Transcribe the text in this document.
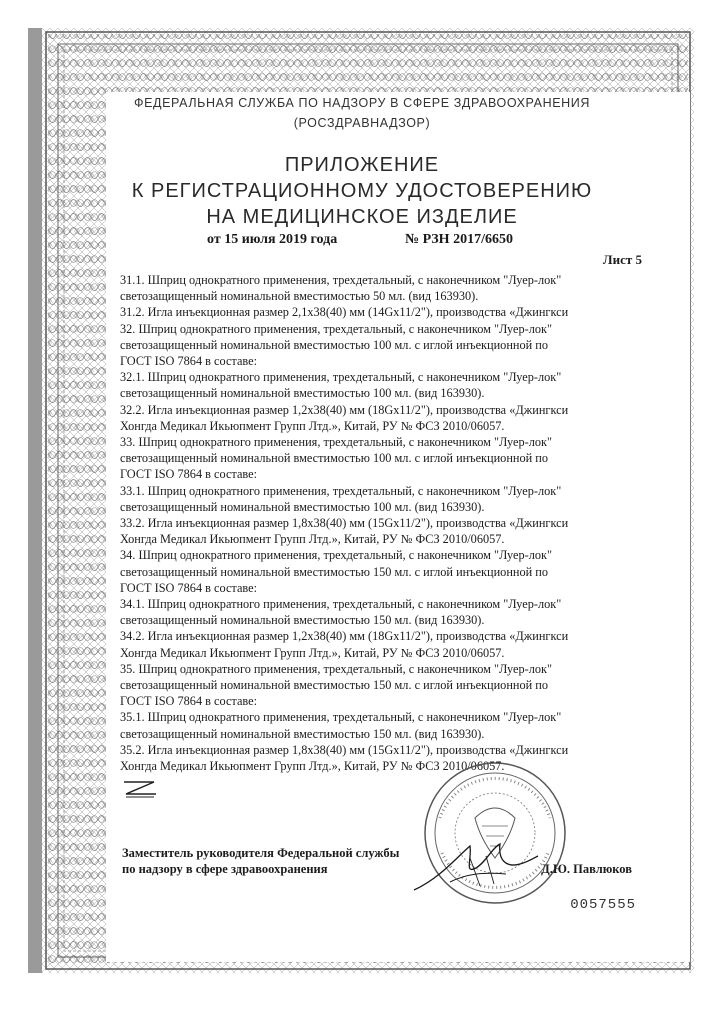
ФЕДЕРАЛЬНАЯ СЛУЖБА ПО НАДЗОРУ В СФЕРЕ ЗДРАВООХРАНЕНИЯ
(РОСЗДРАВНАДЗОР)
ПРИЛОЖЕНИЕ
К РЕГИСТРАЦИОННОМУ УДОСТОВЕРЕНИЮ
НА МЕДИЦИНСКОЕ ИЗДЕЛИЕ
от 15 июля 2019 года	№ РЗН 2017/6650
Лист 5
31.1. Шприц однократного применения, трехдетальный, с наконечником "Луер-лок"
светозащищенный номинальной вместимостью 50 мл. (вид 163930).
31.2. Игла инъекционная размер 2,1x38(40) мм (14Gx11/2"), производства «Джингкси
32. Шприц однократного применения, трехдетальный, с наконечником "Луер-лок"
светозащищенный номинальной вместимостью 100 мл. с иглой инъекционной по
ГОСТ ISO 7864 в составе:
32.1. Шприц однократного применения, трехдетальный, с наконечником "Луер-лок"
светозащищенный номинальной вместимостью 100 мл. (вид 163930).
32.2. Игла инъекционная размер 1,2x38(40) мм (18Gx11/2"), производства «Джингкси
Хонгда Медикал Икьюпмент Групп Лтд.», Китай, РУ № ФСЗ 2010/06057.
33. Шприц однократного применения, трехдетальный, с наконечником "Луер-лок"
светозащищенный номинальной вместимостью 100 мл. с иглой инъекционной по
ГОСТ ISO 7864 в составе:
33.1. Шприц однократного применения, трехдетальный, с наконечником "Луер-лок"
светозащищенный номинальной вместимостью 100 мл. (вид 163930).
33.2. Игла инъекционная размер 1,8x38(40) мм (15Gx11/2"), производства «Джингкси
Хонгда Медикал Икьюпмент Групп Лтд.», Китай, РУ № ФСЗ 2010/06057.
34. Шприц однократного применения, трехдетальный, с наконечником "Луер-лок"
светозащищенный номинальной вместимостью 150 мл. с иглой инъекционной по
ГОСТ ISO 7864 в составе:
34.1. Шприц однократного применения, трехдетальный, с наконечником "Луер-лок"
светозащищенный номинальной вместимостью 150 мл. (вид 163930).
34.2. Игла инъекционная размер 1,2x38(40) мм (18Gx11/2"), производства «Джингкси
Хонгда Медикал Икьюпмент Групп Лтд.», Китай, РУ № ФСЗ 2010/06057.
35. Шприц однократного применения, трехдетальный, с наконечником "Луер-лок"
светозащищенный номинальной вместимостью 150 мл. с иглой инъекционной по
ГОСТ ISO 7864 в составе:
35.1. Шприц однократного применения, трехдетальный, с наконечником "Луер-лок"
светозащищенный номинальной вместимостью 150 мл. (вид 163930).
35.2. Игла инъекционная размер 1,8x38(40) мм (15Gx11/2"), производства «Джингкси
Хонгда Медикал Икьюпмент Групп Лтд.», Китай, РУ № ФСЗ 2010/06057.
Заместитель руководителя Федеральной службы
по надзору в сфере здравоохранения	Д.Ю. Павлюков
0057555
